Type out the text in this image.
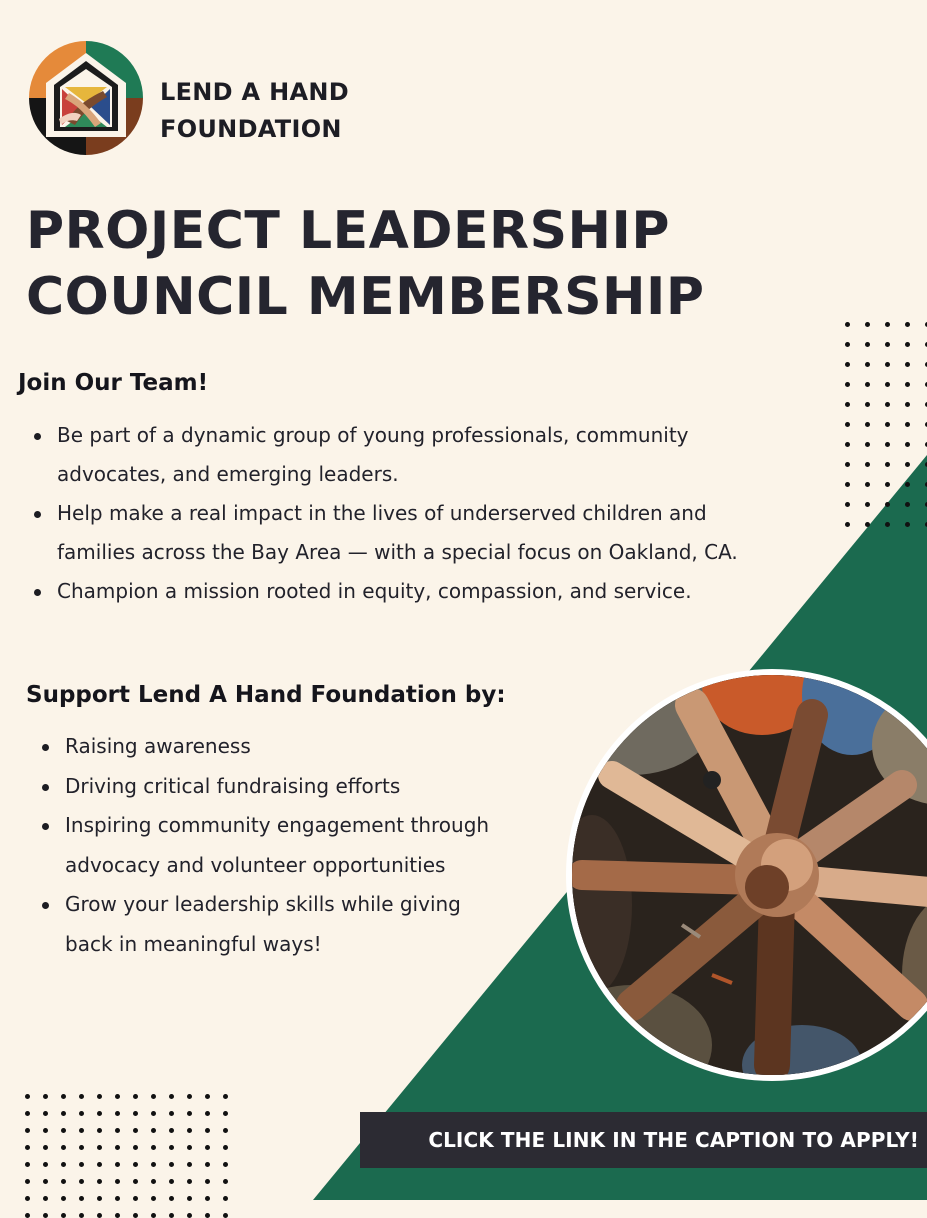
LEND A HAND
FOUNDATION
PROJECT LEADERSHIP
COUNCIL MEMBERSHIP
Join Our Team!
Be part of a dynamic group of young professionals, community
advocates, and emerging leaders.
Help make a real impact in the lives of underserved children and
families across the Bay Area — with a special focus on Oakland, CA.
Champion a mission rooted in equity, compassion, and service.
Support Lend A Hand Foundation by:
Raising awareness
Driving critical fundraising efforts
Inspiring community engagement through
advocacy and volunteer opportunities
Grow your leadership skills while giving
back in meaningful ways!
CLICK THE LINK IN THE CAPTION TO APPLY!
